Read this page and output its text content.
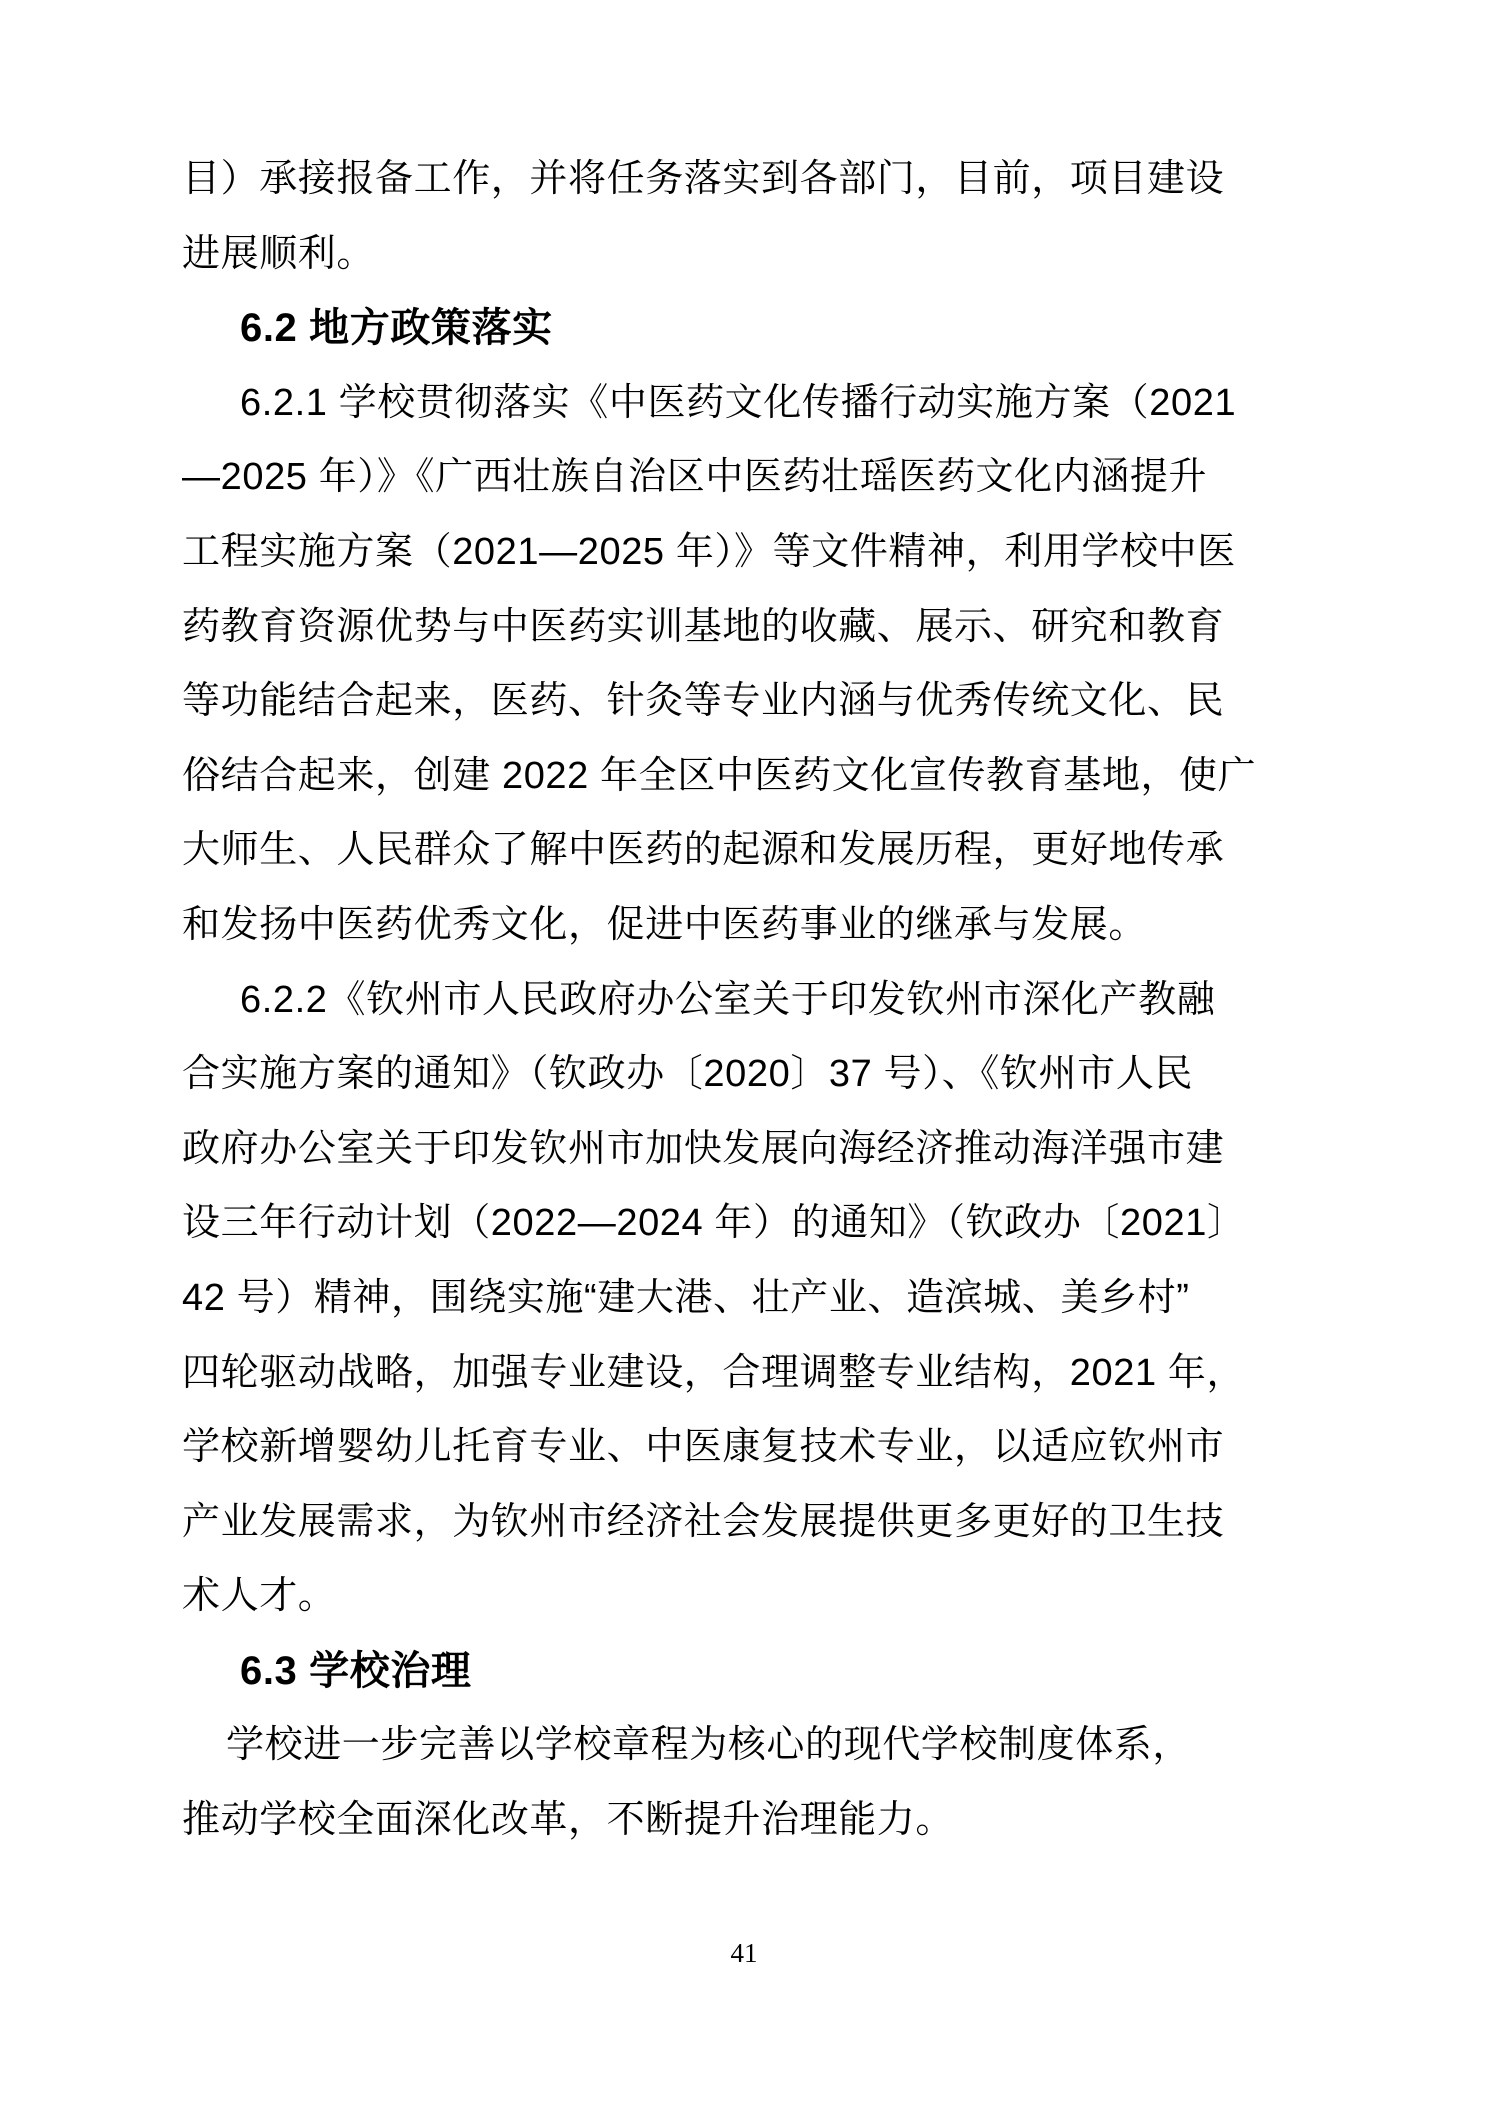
目）承接报备工作，并将任务落实到各部门，目前，项目建设
进展顺利。
6.2 地方政策落实
6.2.1 学校贯彻落实《中医药文化传播行动实施方案（2021
—2025 年）》《广西壮族自治区中医药壮瑶医药文化内涵提升
工程实施方案（2021—2025 年）》等文件精神，利用学校中医
药教育资源优势与中医药实训基地的收藏、展示、研究和教育
等功能结合起来，医药、针灸等专业内涵与优秀传统文化、民
俗结合起来，创建 2022 年全区中医药文化宣传教育基地，使广
大师生、人民群众了解中医药的起源和发展历程，更好地传承
和发扬中医药优秀文化，促进中医药事业的继承与发展。
6.2.2《钦州市人民政府办公室关于印发钦州市深化产教融
合实施方案的通知》（钦政办〔2020〕37 号）、《钦州市人民
政府办公室关于印发钦州市加快发展向海经济推动海洋强市建
设三年行动计划（2022—2024 年）的通知》（钦政办〔2021〕
42 号）精神，围绕实施“建大港、壮产业、造滨城、美乡村”
四轮驱动战略，加强专业建设，合理调整专业结构，2021 年，
学校新增婴幼儿托育专业、中医康复技术专业，以适应钦州市
产业发展需求，为钦州市经济社会发展提供更多更好的卫生技
术人才。
6.3 学校治理
学校进一步完善以学校章程为核心的现代学校制度体系，
推动学校全面深化改革，不断提升治理能力。
41
